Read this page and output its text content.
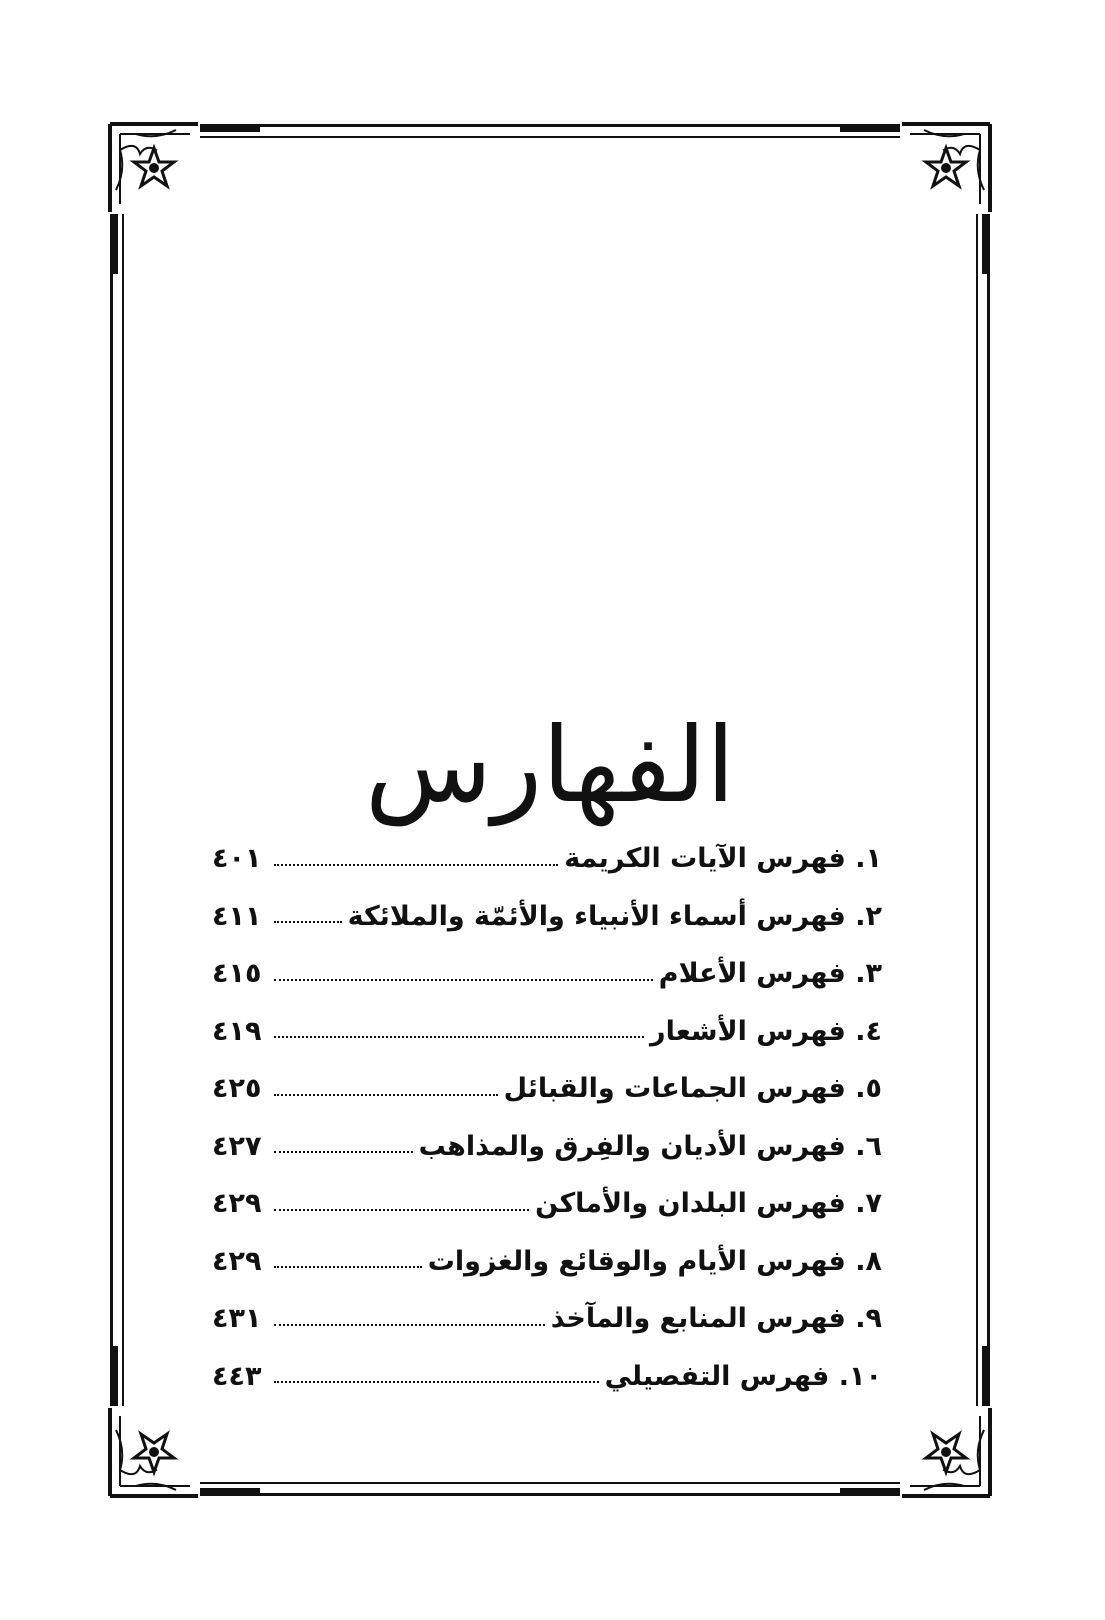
الفهارس
١.
فهرس الآيات الكريمة
٤٠١
٢.
فهرس أسماء الأنبياء والأئمّة والملائكة
٤١١
٣.
فهرس الأعلام
٤١٥
٤.
فهرس الأشعار
٤١٩
٥.
فهرس الجماعات والقبائل
٤٢٥
٦.
فهرس الأديان والفِرق والمذاهب
٤٢٧
٧.
فهرس البلدان والأماكن
٤٢٩
٨.
فهرس الأيام والوقائع والغزوات
٤٢٩
٩.
فهرس المنابع والمآخذ
٤٣١
١٠.
فهرس التفصيلي
٤٤٣
